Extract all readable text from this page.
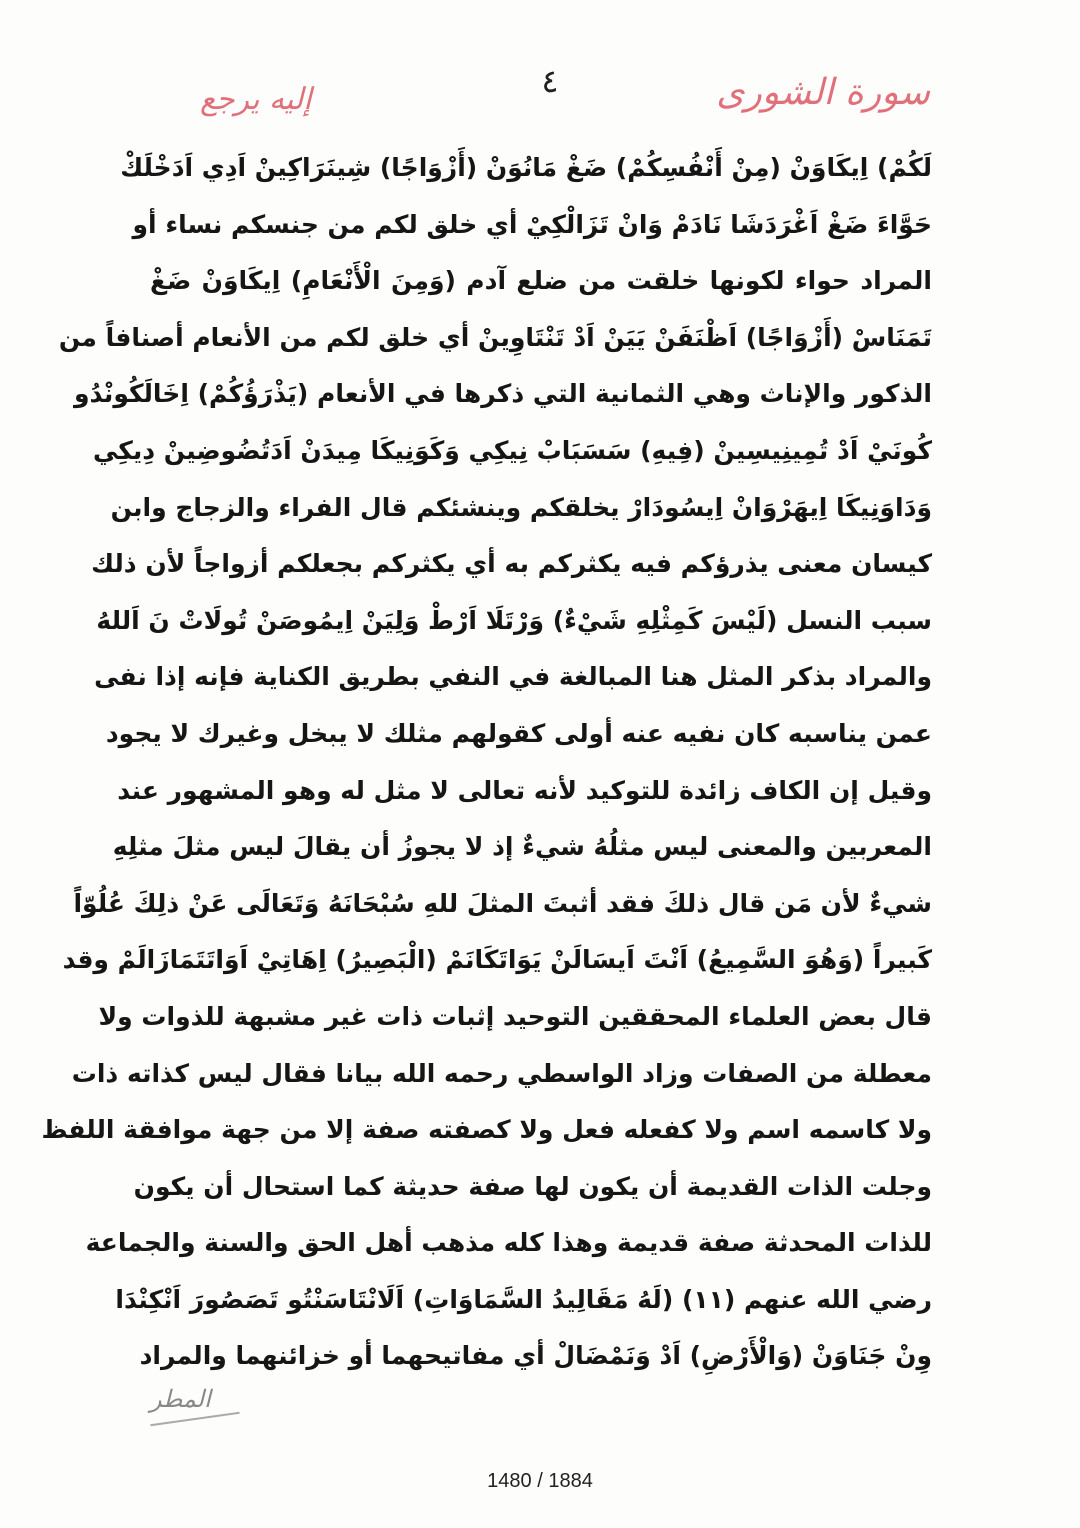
سورة الشورى
٤
إليه يرجع
لَكُمْ) اِيكَاوَنْ (مِنْ أَنْفُسِكُمْ) ضَغْ مَانُوَنْ (أَزْوَاجًا) شِينَرَاكِينْ اَدِي اَدَخْلَكْ
حَوَّاءَ ضَغْ اَغْرَدَشَا نَادَمْ وَانْ تَزَالْكِيْ أي خلق لكم من جنسكم نساء أو
المراد حواء لكونها خلقت من ضلع آدم (وَمِنَ الْأَنْعَامِ) اِيكَاوَنْ ضَغْ
تَمَنَاسْ (أَزْوَاجًا) اَظْنَفَنْ يَيَنْ اَدْ تَنْتَاوِينْ أي خلق لكم من الأنعام أصنافاً من
الذكور والإناث وهي الثمانية التي ذكرها في الأنعام (يَذْرَؤُكُمْ) اِخَالَكُونْدُو
كُونَيْ اَدْ تُمِينِيسِينْ (فِيهِ) سَسَبَابْ نِيكِي وَكَوَنِيكَا مِيدَنْ اَدَتُضُوضِينْ دِيكِي
وَدَاوَنِيكَا اِيهَرْوَانْ اِيسُودَارْ يخلقكم وينشئكم قال الفراء والزجاج وابن
كيسان معنى يذرؤكم فيه يكثركم به أي يكثركم بجعلكم أزواجاً لأن ذلك
سبب النسل (لَيْسَ كَمِثْلِهِ شَيْءٌ) وَرْتَلَا اَرْطْ وَلِيَنْ اِيمُوصَنْ تُولَاتْ نَ اَللهُ
والمراد بذكر المثل هنا المبالغة في النفي بطريق الكناية فإنه إذا نفى
عمن يناسبه كان نفيه عنه أولى كقولهم مثلك لا يبخل وغيرك لا يجود
وقيل إن الكاف زائدة للتوكيد لأنه تعالى لا مثل له وهو المشهور عند
المعربين والمعنى ليس مثلُهُ شيءٌ إذ لا يجوزُ أن يقالَ ليس مثلَ مثلِهِ
شيءٌ لأن مَن قال ذلكَ فقد أثبتَ المثلَ للهِ سُبْحَانَهُ وَتَعَالَى عَنْ ذلِكَ عُلُوّاً
كَبيراً (وَهُوَ السَّمِيعُ) اَنْتَ اَيسَالَنْ يَوَاتَكَانَمْ (الْبَصِيرُ) اِهَاتِيْ اَوَاتَتَمَازَالَمْ وقد
قال بعض العلماء المحققين التوحيد إثبات ذات غير مشبهة للذوات ولا
معطلة من الصفات وزاد الواسطي رحمه الله بيانا فقال ليس كذاته ذات
ولا كاسمه اسم ولا كفعله فعل ولا كصفته صفة إلا من جهة موافقة اللفظ
وجلت الذات القديمة أن يكون لها صفة حديثة كما استحال أن يكون
للذات المحدثة صفة قديمة وهذا كله مذهب أهل الحق والسنة والجماعة
رضي الله عنهم (١١) (لَهُ مَقَالِيدُ السَّمَاوَاتِ) اَلَانْتَاسَنْتُو تَصَصُورَ اَنْكِنْدَا
وِنْ جَنَاوَنْ (وَالْأَرْضِ) اَدْ وَنَمْضَالْ أي مفاتيحهما أو خزائنهما والمراد
المطر
1480 / 1884
